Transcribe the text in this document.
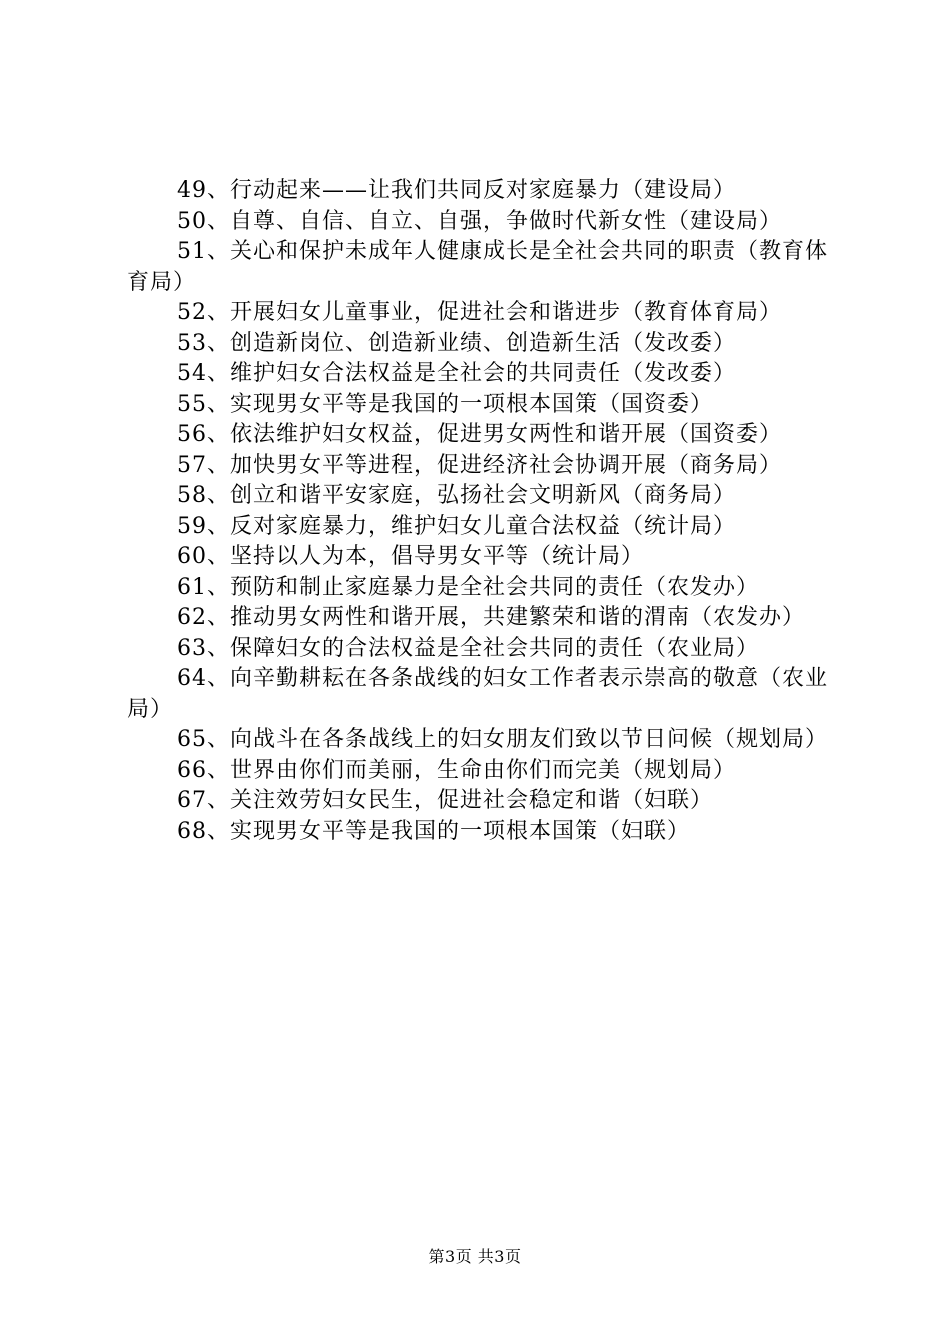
49、行动起来——让我们共同反对家庭暴力（建设局）

50、自尊、自信、自立、自强，争做时代新女性（建设局）

51、关心和保护未成年人健康成长是全社会共同的职责（教育体育局）

52、开展妇女儿童事业，促进社会和谐进步（教育体育局）

53、创造新岗位、创造新业绩、创造新生活（发改委）

54、维护妇女合法权益是全社会的共同责任（发改委）

55、实现男女平等是我国的一项根本国策（国资委）

56、依法维护妇女权益，促进男女两性和谐开展（国资委）

57、加快男女平等进程，促进经济社会协调开展（商务局）

58、创立和谐平安家庭，弘扬社会文明新风（商务局）

59、反对家庭暴力，维护妇女儿童合法权益（统计局）

60、坚持以人为本，倡导男女平等（统计局）

61、预防和制止家庭暴力是全社会共同的责任（农发办）

62、推动男女两性和谐开展，共建繁荣和谐的渭南（农发办）

63、保障妇女的合法权益是全社会共同的责任（农业局）

64、向辛勤耕耘在各条战线的妇女工作者表示崇高的敬意（农业局）

65、向战斗在各条战线上的妇女朋友们致以节日问候（规划局）

66、世界由你们而美丽，生命由你们而完美（规划局）

67、关注效劳妇女民生，促进社会稳定和谐（妇联）

68、实现男女平等是我国的一项根本国策（妇联）

第3页 共3页
